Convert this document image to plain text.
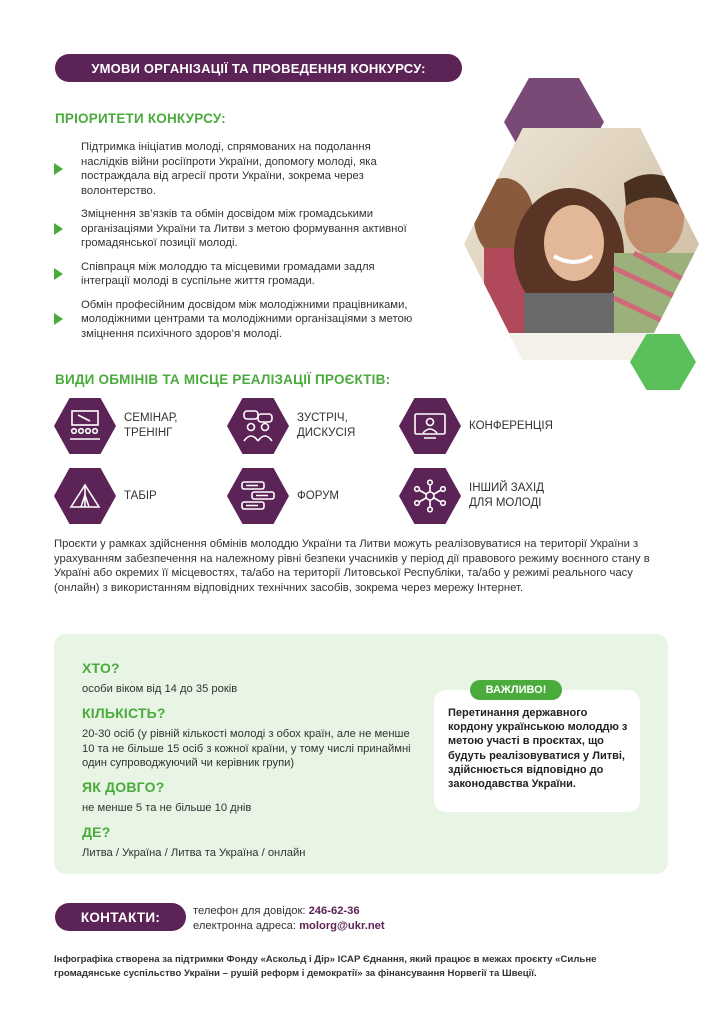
УМОВИ ОРГАНІЗАЦІЇ ТА ПРОВЕДЕННЯ КОНКУРСУ:
ПРІОРИТЕТИ КОНКУРСУ:

Підтримка ініціатив молоді, спрямованих на подолання наслідків війни росіїпроти України, допомогу молоді, яка постраждала від агресії проти України, зокрема через волонтерство.

Зміцнення зв’язків та обмін досвідом між громадськими організаціями України та Литви з метою формування активної громадянської позиції молоді.

Співпраця між молоддю та місцевими громадами задля інтеграції молоді в суспільне життя громади.

Обмін професійним досвідом між молодіжними працівниками, молодіжними центрами та молодіжними організаціями з метою зміцнення психічного здоров’я молоді.

ВИДИ ОБМІНІВ ТА МІСЦЕ РЕАЛІЗАЦІЇ ПРОЄКТІВ:
СЕМІНАР,
ТРЕНІНГ
ЗУСТРІЧ,
ДИСКУСІЯ
КОНФЕРЕНЦІЯ
ТАБІР	ФОРУМ
ІНШИЙ ЗАХІД
ДЛЯ МОЛОДІ

Проєкти у рамках здійснення обмінів молоддю України та Литви можуть реалізовуватися на території України з урахуванням забезпечення на належному рівні безпеки учасників у період дії правового режиму воєнного стану в Україні або окремих її місцевостях, та/або на території Литовської Республіки, та/або у режимі реального часу (онлайн) з використанням відповідних технічних засобів, зокрема через мережу Інтернет.

ХТО?
особи віком від 14 до 35 років
КІЛЬКІСТЬ?
20-30 осіб (у рівній кількості молоді з обох країн, але не менше 10 та не більше 15 осіб з кожної країни, у тому числі принаймні один супроводжуючий чи керівник групи)
ЯК ДОВГО?
не менше 5 та не більше 10 днів
ДЕ?
Литва / Україна / Литва та Україна / онлайн

Перетинання державного кордону українською молоддю з метою участі в проєктах, що будуть реалізовуватися у Литві, здійснюється відповідно до законодавства України.

ВАЖЛИВО!
КОНТАКТИ:	телефон для довідок: 246-62-36
електронна адреса: molorg@ukr.net

Інфографіка створена за підтримки Фонду «Аскольд і Дір» ІСАР Єднання, який працює в межах проєкту «Сильне громадянське суспільство України – рушій реформ і демократії» за фінансування Норвегії та Швеції.
